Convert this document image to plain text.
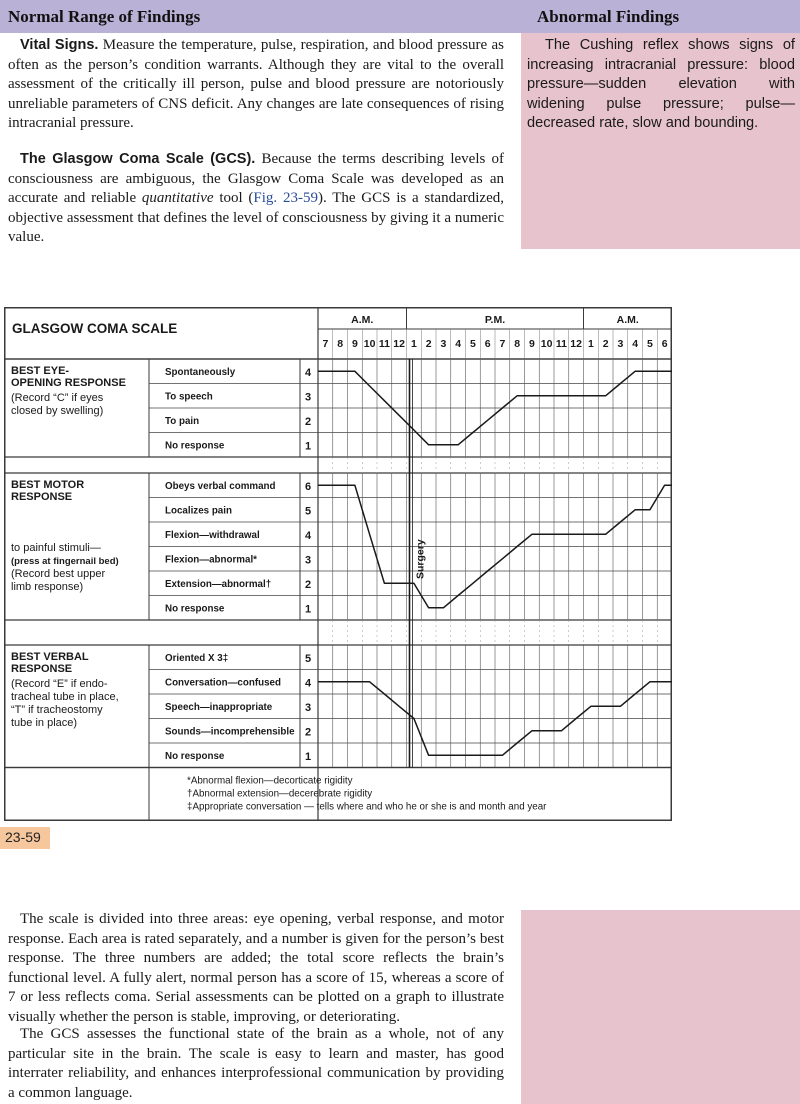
Normal Range of Findings	Abnormal Findings
The Cushing reflex shows signs of increasing intracranial pressure: blood pressure—sudden elevation with widening pulse pressure; pulse—decreased rate, slow and bounding.
Vital Signs. Measure the temperature, pulse, respiration, and blood pressure as often as the person’s condition warrants. Although they are vital to the overall assessment of the critically ill person, pulse and blood pressure are notoriously unreliable parameters of CNS deficit. Any changes are late consequences of rising intracranial pressure.
The Glasgow Coma Scale (GCS). Because the terms describing levels of consciousness are ambiguous, the Glasgow Coma Scale was developed as an accurate and reliable quantitative tool (Fig. 23-59). The GCS is a standardized, objective assessment that defines the level of consciousness by giving it a numeric value.
GLASGOW COMA SCALE
A.M.	P.M.	A.M.
7 8 9 10 11 12 1 2 3 4 5 6 7 8 9 10 11 12 1 2 3 4 5 6
BEST EYE-
OPENING RESPONSE
(Record “C” if eyes
closed by swelling)
Spontaneously	4
To speech	3
To pain	2
No response	1
BEST MOTOR
RESPONSE
to painful stimuli—
(press at fingernail bed)
(Record best upper
limb response)
Obeys verbal command	6
Localizes pain	5
Flexion—withdrawal	4
Flexion—abnormal*	3
Extension—abnormal†	2
No response	1
BEST VERBAL
RESPONSE
(Record “E” if endo-
tracheal tube in place,
“T” if tracheostomy
tube in place)
Oriented X 3‡	5
Conversation—confused 4
Speech—inappropriate	3
Sounds—incomprehensible 2
No response	1
*Abnormal flexion—decorticate rigidity
†Abnormal extension—decerebrate rigidity
‡Appropriate conversation — tells where and who he or she is and month and year
Surgery
23-59
The scale is divided into three areas: eye opening, verbal response, and motor response. Each area is rated separately, and a number is given for the person’s best response. The three numbers are added; the total score reflects the brain’s functional level. A fully alert, normal person has a score of 15, whereas a score of 7 or less reflects coma. Serial assessments can be plotted on a graph to illustrate visually whether the person is stable, improving, or deteriorating.
The GCS assesses the functional state of the brain as a whole, not of any particular site in the brain. The scale is easy to learn and master, has good interrater reliability, and enhances interprofessional communication by providing a common language.
